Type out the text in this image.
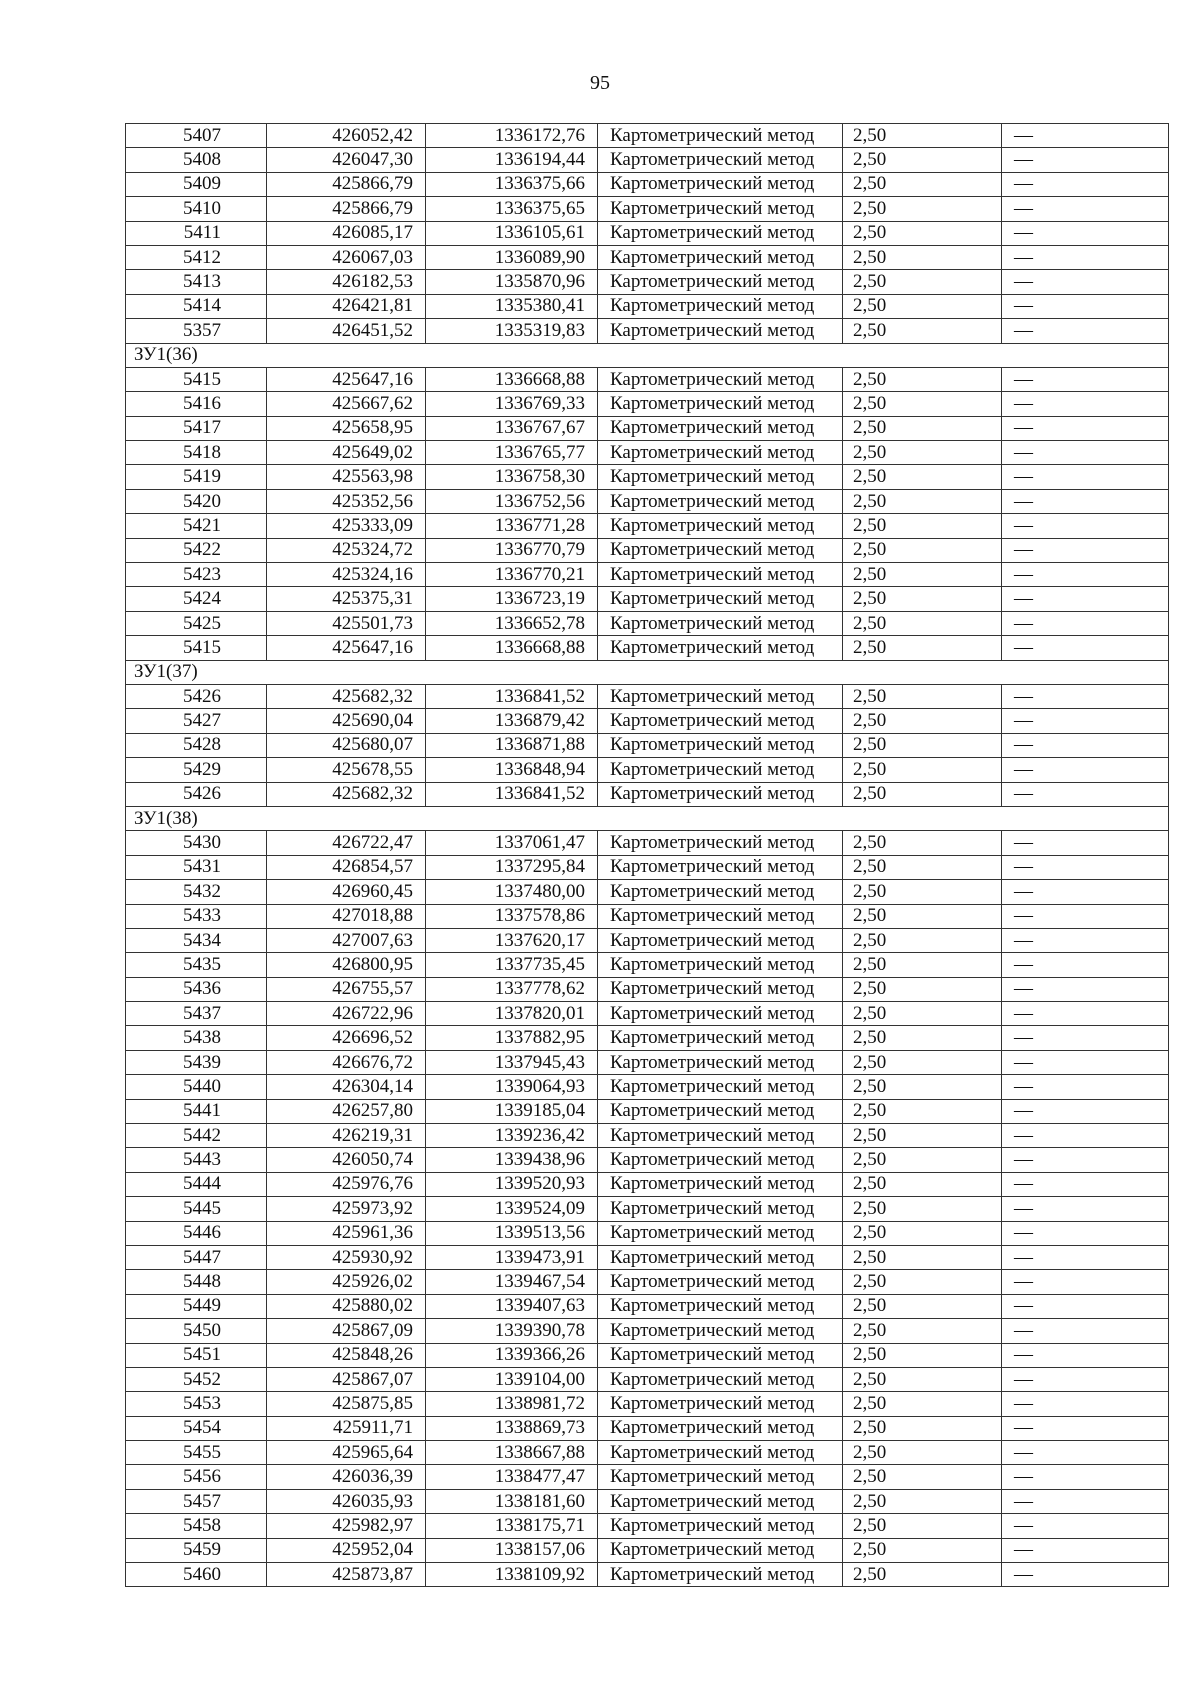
95
5407	426052,42	1336172,76	Картометрический метод	2,50	—
5408	426047,30	1336194,44	Картометрический метод	2,50	—
5409	425866,79	1336375,66	Картометрический метод	2,50	—
5410	425866,79	1336375,65	Картометрический метод	2,50	—
5411	426085,17	1336105,61	Картометрический метод	2,50	—
5412	426067,03	1336089,90	Картометрический метод	2,50	—
5413	426182,53	1335870,96	Картометрический метод	2,50	—
5414	426421,81	1335380,41	Картометрический метод	2,50	—
5357	426451,52	1335319,83	Картометрический метод	2,50	—
ЗУ1(36)					
5415	425647,16	1336668,88	Картометрический метод	2,50	—
5416	425667,62	1336769,33	Картометрический метод	2,50	—
5417	425658,95	1336767,67	Картометрический метод	2,50	—
5418	425649,02	1336765,77	Картометрический метод	2,50	—
5419	425563,98	1336758,30	Картометрический метод	2,50	—
5420	425352,56	1336752,56	Картометрический метод	2,50	—
5421	425333,09	1336771,28	Картометрический метод	2,50	—
5422	425324,72	1336770,79	Картометрический метод	2,50	—
5423	425324,16	1336770,21	Картометрический метод	2,50	—
5424	425375,31	1336723,19	Картометрический метод	2,50	—
5425	425501,73	1336652,78	Картометрический метод	2,50	—
5415	425647,16	1336668,88	Картометрический метод	2,50	—
ЗУ1(37)					
5426	425682,32	1336841,52	Картометрический метод	2,50	—
5427	425690,04	1336879,42	Картометрический метод	2,50	—
5428	425680,07	1336871,88	Картометрический метод	2,50	—
5429	425678,55	1336848,94	Картометрический метод	2,50	—
5426	425682,32	1336841,52	Картометрический метод	2,50	—
ЗУ1(38)					
5430	426722,47	1337061,47	Картометрический метод	2,50	—
5431	426854,57	1337295,84	Картометрический метод	2,50	—
5432	426960,45	1337480,00	Картометрический метод	2,50	—
5433	427018,88	1337578,86	Картометрический метод	2,50	—
5434	427007,63	1337620,17	Картометрический метод	2,50	—
5435	426800,95	1337735,45	Картометрический метод	2,50	—
5436	426755,57	1337778,62	Картометрический метод	2,50	—
5437	426722,96	1337820,01	Картометрический метод	2,50	—
5438	426696,52	1337882,95	Картометрический метод	2,50	—
5439	426676,72	1337945,43	Картометрический метод	2,50	—
5440	426304,14	1339064,93	Картометрический метод	2,50	—
5441	426257,80	1339185,04	Картометрический метод	2,50	—
5442	426219,31	1339236,42	Картометрический метод	2,50	—
5443	426050,74	1339438,96	Картометрический метод	2,50	—
5444	425976,76	1339520,93	Картометрический метод	2,50	—
5445	425973,92	1339524,09	Картометрический метод	2,50	—
5446	425961,36	1339513,56	Картометрический метод	2,50	—
5447	425930,92	1339473,91	Картометрический метод	2,50	—
5448	425926,02	1339467,54	Картометрический метод	2,50	—
5449	425880,02	1339407,63	Картометрический метод	2,50	—
5450	425867,09	1339390,78	Картометрический метод	2,50	—
5451	425848,26	1339366,26	Картометрический метод	2,50	—
5452	425867,07	1339104,00	Картометрический метод	2,50	—
5453	425875,85	1338981,72	Картометрический метод	2,50	—
5454	425911,71	1338869,73	Картометрический метод	2,50	—
5455	425965,64	1338667,88	Картометрический метод	2,50	—
5456	426036,39	1338477,47	Картометрический метод	2,50	—
5457	426035,93	1338181,60	Картометрический метод	2,50	—
5458	425982,97	1338175,71	Картометрический метод	2,50	—
5459	425952,04	1338157,06	Картометрический метод	2,50	—
5460	425873,87	1338109,92	Картометрический метод	2,50	—
